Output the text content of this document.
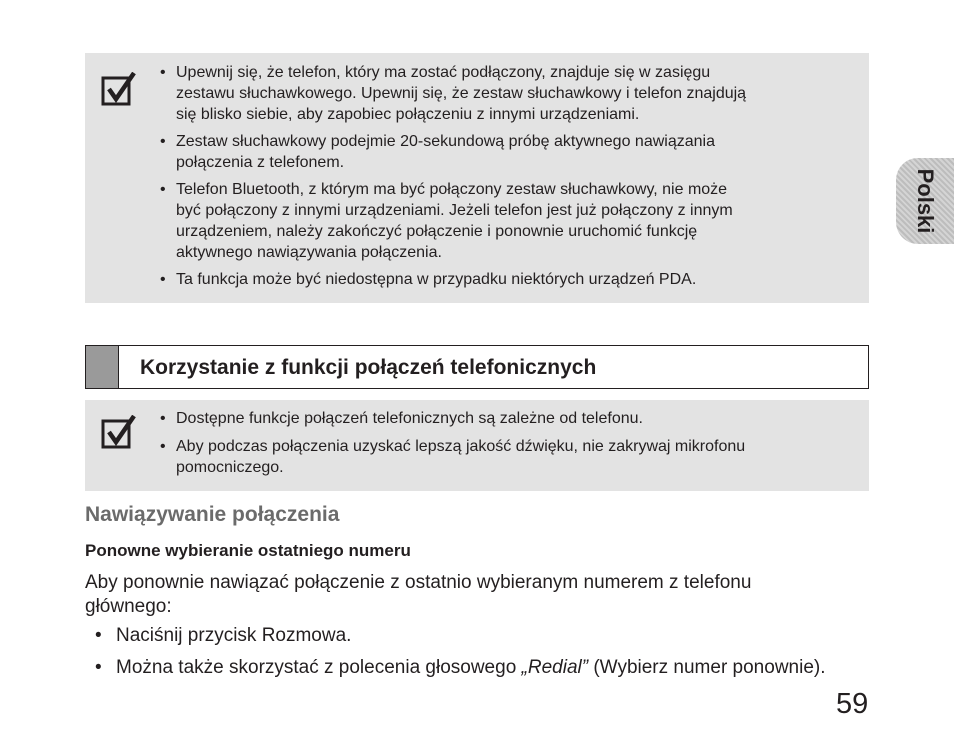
Polski
• Upewnij się, że telefon, który ma zostać podłączony, znajduje się w zasięgu
zestawu słuchawkowego. Upewnij się, że zestaw słuchawkowy i telefon znajdują
się blisko siebie, aby zapobiec połączeniu z innymi urządzeniami.
• Zestaw słuchawkowy podejmie 20-sekundową próbę aktywnego nawiązania
połączenia z telefonem.
• Telefon Bluetooth, z którym ma być połączony zestaw słuchawkowy, nie może
być połączony z innymi urządzeniami. Jeżeli telefon jest już połączony z innym
urządzeniem, należy zakończyć połączenie i ponownie uruchomić funkcję
aktywnego nawiązywania połączenia.
• Ta funkcja może być niedostępna w przypadku niektórych urządzeń PDA.
Korzystanie z funkcji połączeń telefonicznych
• Dostępne funkcje połączeń telefonicznych są zależne od telefonu.
• Aby podczas połączenia uzyskać lepszą jakość dźwięku, nie zakrywaj mikrofonu
pomocniczego.
Nawiązywanie połączenia
Ponowne wybieranie ostatniego numeru
Aby ponownie nawiązać połączenie z ostatnio wybieranym numerem z telefonu
głównego:
• Naciśnij przycisk Rozmowa.
• Można także skorzystać z polecenia głosowego „Redial” (Wybierz numer ponownie).
59
